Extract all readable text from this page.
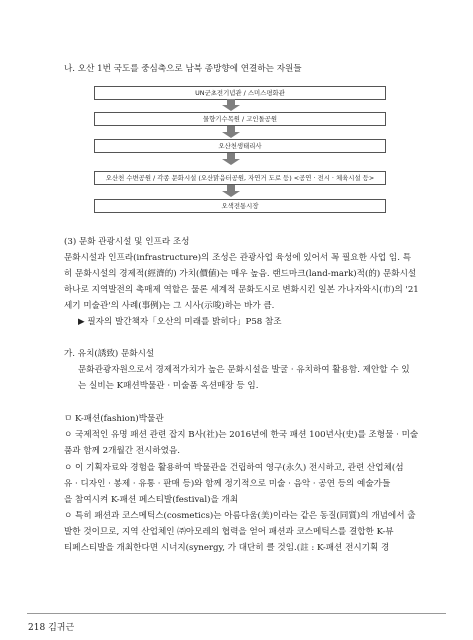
나. 오산 1번 국도를 중심축으로 남북 종방향에 연결하는 자원들
UN군초전기념관 / 스미스평화관
물향기수목원 / 고인돌공원
오산천생태리사
오산천 수변공원 / 각종 문화시설 (오산맑음터공원, 자연거 도로 등) <공연 · 전시 · 체육시설 등>
오색전통시장
(3) 문화 관광시설 및 인프라 조성
문화시설과 인프라(infrastructure)의 조성은 관광사업 육성에 있어서 꼭 필요한 사업 임. 특
히 문화시설의 경제적(經濟的) 가치(價値)는 매우 높음. 랜드마크(land-mark)적(的) 문화시설
하나로 지역발전의 촉매제 역할은 물론 세계적 문화도시로 변화시킨 일본 가나자와시(市)의 '21
세기 미술관'의 사례(事例)는 그 시사(示唆)하는 바가 큼.
▶ 필자의 발간책자「오산의 미래를 밝히다」P58 참조
가. 유치(誘致) 문화시설
문화관광자원으로서 경제적가치가 높은 문화시설을 발굴 · 유치하여 활용함. 제안할 수 있
는 실비는 K패션박물관 · 미술품 옥션매장 등 임.
ㅁ K-패션(fashion)박물관
ㅇ 국제적인 유명 패션 관련 잡지 B사(社)는 2016년에 한국 패션 100년사(史)를 조형물 · 미술
품과 함께 2개월간 전시하였음.
ㅇ 이 기획자료와 경험을 활용하여 박물관을 건립하여 영구(永久) 전시하고, 관련 산업체(섬
유 · 디자인 · 봉제 · 유통 · 판매 등)와 함께 정기적으로 미술 · 음악 · 공연 등의 예술가들
을 참여시켜 K-패션 페스티발(festival)을 개최
ㅇ 특히 패션과 코스메틱스(cosmetics)는 아름다움(美)이라는 같은 동질(同質)의 개념에서 출
발한 것이므로, 지역 산업체인 ㈜아모레의 협력을 얻어 패션과 코스메틱스를 결합한 K-뷰
티페스티발을 개최한다면 시너지(synergy, 가 대단히 클 것임.(註 : K-패션 전시기획 경
218 김귀근
